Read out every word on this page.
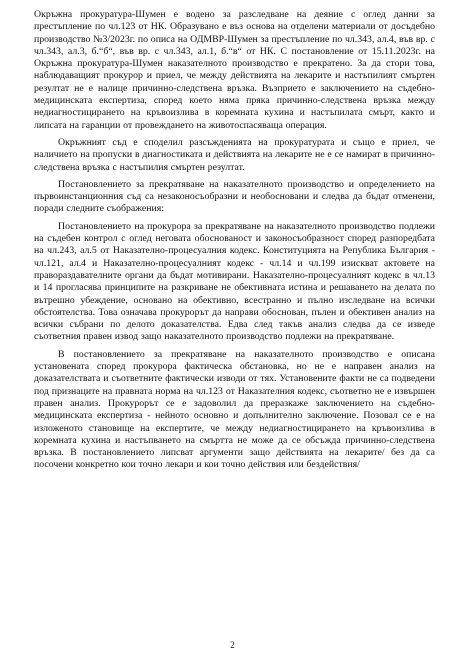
Окръжна прокуратура-Шумен е водено за разследване на деяние с оглед данни за престъпление по чл.123 от НК. Образувано е въз основа на отделени материали от досъдебно производство №3/2023г. по описа на ОДМВР-Шумен за престъпление по чл.343, ал.4, във вр. с чл.343, ал.3, б.“б“, във вр. с чл.343, ал.1, б.“в“ от НК. С постановление от 15.11.2023г. на Окръжна прокуратура-Шумен наказателното производство е прекратено. За да стори това, наблюдаващият прокурор и приел, че между действията на лекарите и настъпилият смъртен резултат не е налице причинно-следствена връзка. Възприето е заключението на съдебно-медицинската експертиза, според което няма пряка причинно-следствена връзка между недиагностицирането на кръвоизлива в коремната кухина и настъпилата смърт, както и липсата на гаранции от провеждането на животоспасяваща операция.

Окръжният съд е споделил разсъжденията на прокуратурата и също е приел, че наличието на пропуски в диагностиката и действията на лекарите не е се намират в причинно-следствена връзка с настъпилия смъртен резултат.

Постановлението за прекратяване на наказателното производство и определението на първоинстанционния съд са незаконосъобразни и необосновани и следва да бъдат отменени, поради следните съображения:

Постановлението на прокурора за прекратяване на наказателното производство подлежи на съдебен контрол с оглед неговата обоснованост и законосъобразност според разпоредбата на чл.243, ал.5 от Наказателно-процесуалния кодекс. Конституцията на Република България - чл.121, ал.4 и Наказателно-процесуалният кодекс - чл.14 и чл.199 изискват актовете на правораздавателните органи да бъдат мотивирани. Наказателно-процесуалният кодекс в чл.13 и 14 прогласява принципите на разкриване не обективната истина и решаването на делата по вътрешно убеждение, основано на обективно, всестранно и пълно изследване на всички обстоятелства. Това означава прокурорът да направи обоснован, пълен и обективен анализ на всички събрани по делото доказателства. Едва след такъв анализ следва да се изведе съответния правен извод защо наказателното производство подлежи на прекратяване.

В постановлението за прекратяване на наказателното производство е описана установената според прокурора фактическа обстановка, но не е направен анализ на доказателствата и съответните фактически изводи от тях. Установените факти не са подведени под признаците на правната норма на чл.123 от Наказателния кодекс, съответно не е извършен правен анализ. Прокурорът се е задоволил да преразкаже заключението на съдебно-медицинската експертиза - нейното основно и допълнително заключение. Позовал се е на изложеното становище на експертите, че между недиагностицирането на кръвоизлива в коремната кухина и настъпването на смъртта не може да се обсъжда причинно-следствена връзка. В постановлението липсват аргументи защо действията на лекарите/ без да са посочени конкретно кои точно лекари и кои точно действия или бездействия/

2
